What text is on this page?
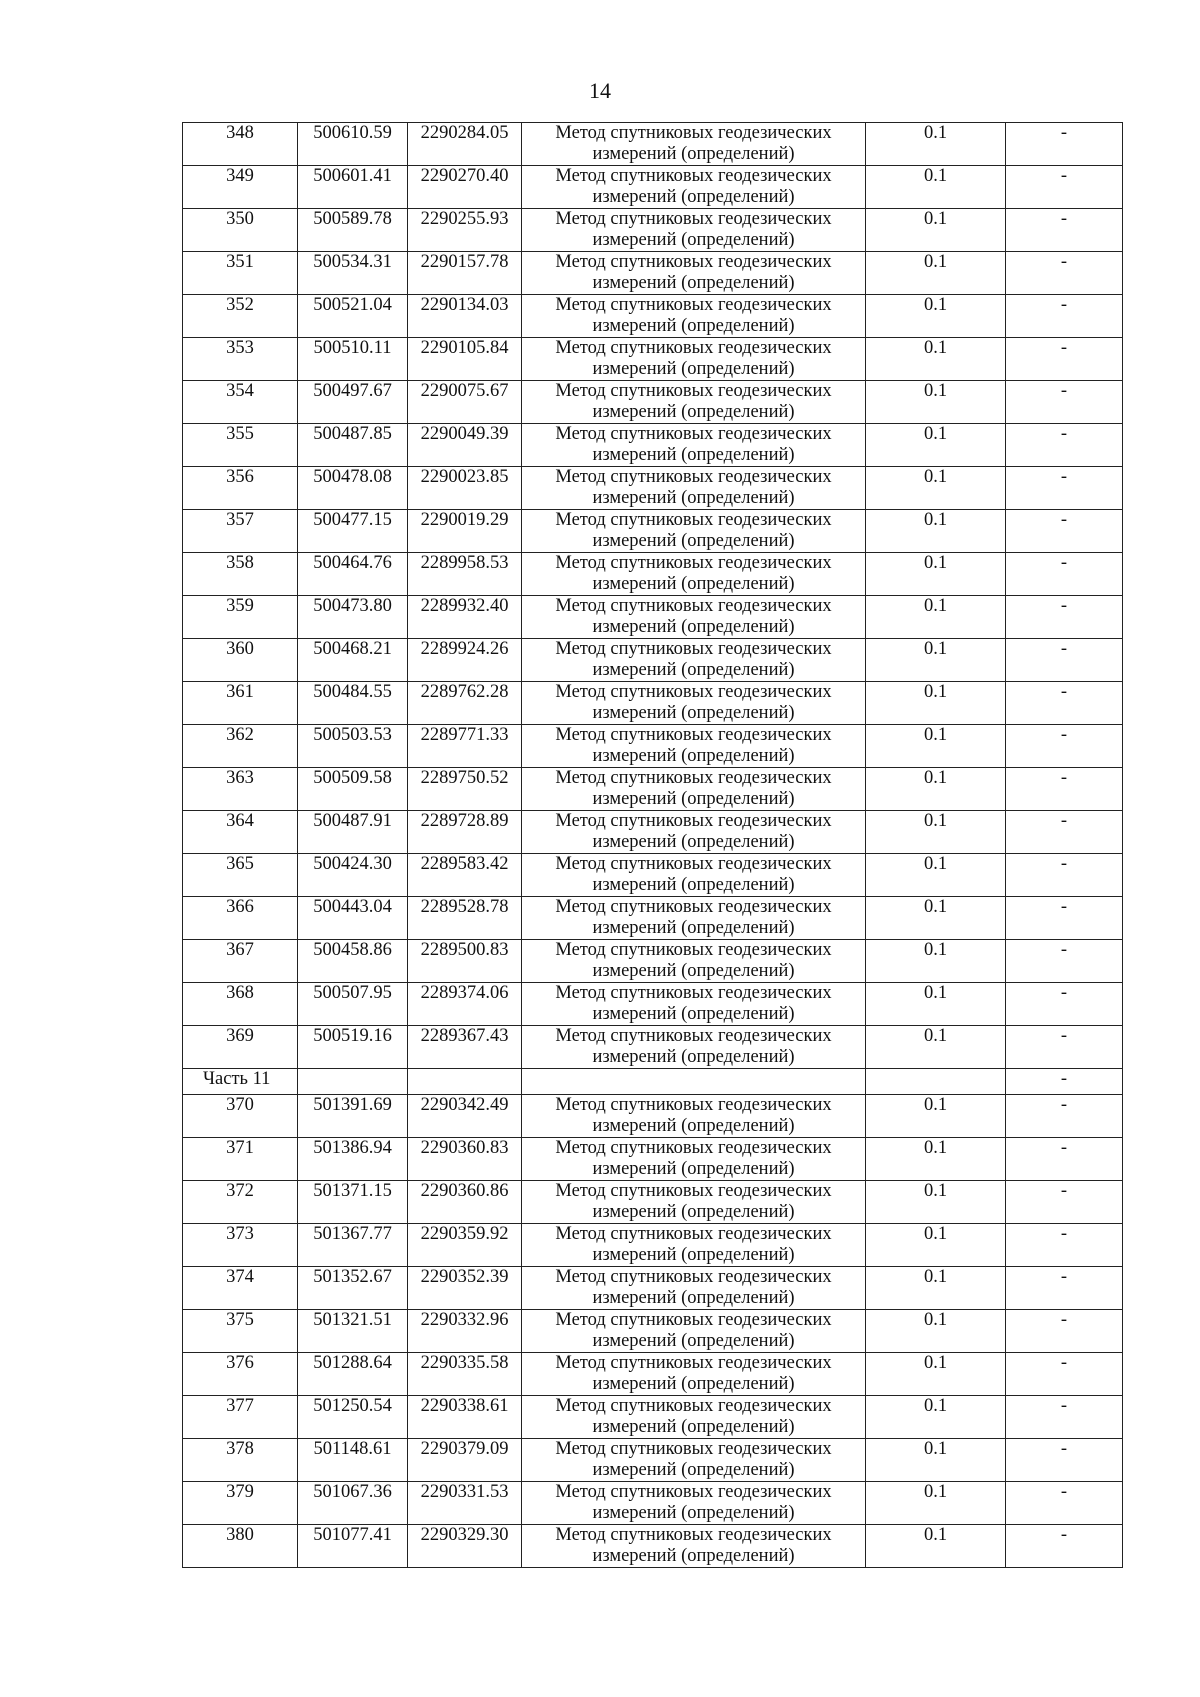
14
348	500610.59	2290284.05	Метод спутниковых геодезических
измерений (определений)	0.1	-
349	500601.41	2290270.40	Метод спутниковых геодезических
измерений (определений)	0.1	-
350	500589.78	2290255.93	Метод спутниковых геодезических
измерений (определений)	0.1	-
351	500534.31	2290157.78	Метод спутниковых геодезических
измерений (определений)	0.1	-
352	500521.04	2290134.03	Метод спутниковых геодезических
измерений (определений)	0.1	-
353	500510.11	2290105.84	Метод спутниковых геодезических
измерений (определений)	0.1	-
354	500497.67	2290075.67	Метод спутниковых геодезических
измерений (определений)	0.1	-
355	500487.85	2290049.39	Метод спутниковых геодезических
измерений (определений)	0.1	-
356	500478.08	2290023.85	Метод спутниковых геодезических
измерений (определений)	0.1	-
357	500477.15	2290019.29	Метод спутниковых геодезических
измерений (определений)	0.1	-
358	500464.76	2289958.53	Метод спутниковых геодезических
измерений (определений)	0.1	-
359	500473.80	2289932.40	Метод спутниковых геодезических
измерений (определений)	0.1	-
360	500468.21	2289924.26	Метод спутниковых геодезических
измерений (определений)	0.1	-
361	500484.55	2289762.28	Метод спутниковых геодезических
измерений (определений)	0.1	-
362	500503.53	2289771.33	Метод спутниковых геодезических
измерений (определений)	0.1	-
363	500509.58	2289750.52	Метод спутниковых геодезических
измерений (определений)	0.1	-
364	500487.91	2289728.89	Метод спутниковых геодезических
измерений (определений)	0.1	-
365	500424.30	2289583.42	Метод спутниковых геодезических
измерений (определений)	0.1	-
366	500443.04	2289528.78	Метод спутниковых геодезических
измерений (определений)	0.1	-
367	500458.86	2289500.83	Метод спутниковых геодезических
измерений (определений)	0.1	-
368	500507.95	2289374.06	Метод спутниковых геодезических
измерений (определений)	0.1	-
369	500519.16	2289367.43	Метод спутниковых геодезических
измерений (определений)	0.1	-
Часть 11					-
370	501391.69	2290342.49	Метод спутниковых геодезических
измерений (определений)	0.1	-
371	501386.94	2290360.83	Метод спутниковых геодезических
измерений (определений)	0.1	-
372	501371.15	2290360.86	Метод спутниковых геодезических
измерений (определений)	0.1	-
373	501367.77	2290359.92	Метод спутниковых геодезических
измерений (определений)	0.1	-
374	501352.67	2290352.39	Метод спутниковых геодезических
измерений (определений)	0.1	-
375	501321.51	2290332.96	Метод спутниковых геодезических
измерений (определений)	0.1	-
376	501288.64	2290335.58	Метод спутниковых геодезических
измерений (определений)	0.1	-
377	501250.54	2290338.61	Метод спутниковых геодезических
измерений (определений)	0.1	-
378	501148.61	2290379.09	Метод спутниковых геодезических
измерений (определений)	0.1	-
379	501067.36	2290331.53	Метод спутниковых геодезических
измерений (определений)	0.1	-
380	501077.41	2290329.30	Метод спутниковых геодезических
измерений (определений)	0.1	-
